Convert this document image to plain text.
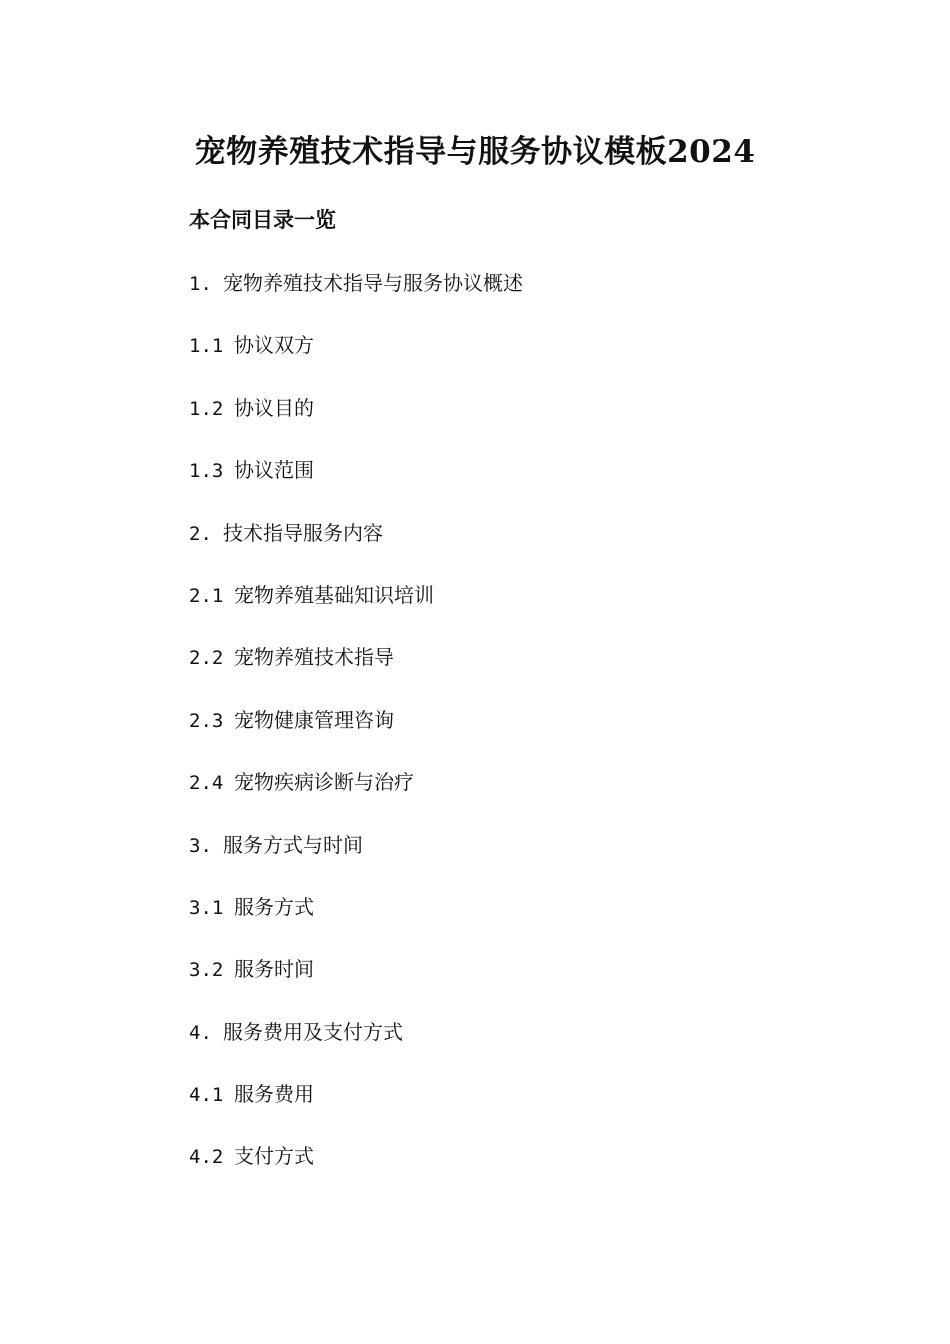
宠物养殖技术指导与服务协议模板2024
本合同目录一览
1. 宠物养殖技术指导与服务协议概述
1.1 协议双方
1.2 协议目的
1.3 协议范围
2. 技术指导服务内容
2.1 宠物养殖基础知识培训
2.2 宠物养殖技术指导
2.3 宠物健康管理咨询
2.4 宠物疾病诊断与治疗
3. 服务方式与时间
3.1 服务方式
3.2 服务时间
4. 服务费用及支付方式
4.1 服务费用
4.2 支付方式
